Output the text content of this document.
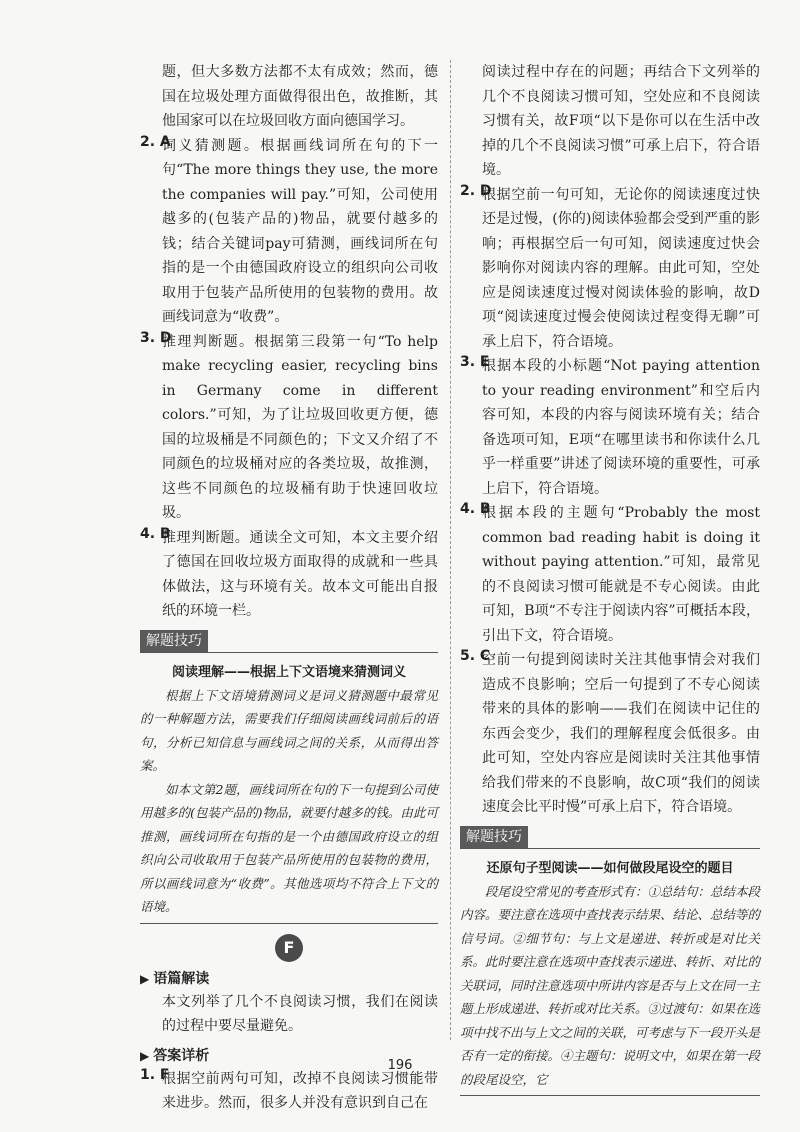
题，但大多数方法都不太有成效；然而，德国在垃圾处理方面做得很出色，故推断，其他国家可以在垃圾回收方面向德国学习。

2. A

词义猜测题。根据画线词所在句的下一句“The more things they use, the more the companies will pay.”可知，公司使用越多的(包装产品的)物品，就要付越多的钱；结合关键词pay可猜测，画线词所在句指的是一个由德国政府设立的组织向公司收取用于包装产品所使用的包装物的费用。故画线词意为“收费”。

3. D

推理判断题。根据第三段第一句“To help make recycling easier, recycling bins in Germany come in different colors.”可知，为了让垃圾回收更方便，德国的垃圾桶是不同颜色的；下文又介绍了不同颜色的垃圾桶对应的各类垃圾，故推测，这些不同颜色的垃圾桶有助于快速回收垃圾。

4. B

推理判断题。通读全文可知，本文主要介绍了德国在回收垃圾方面取得的成就和一些具体做法，这与环境有关。故本文可能出自报纸的环境一栏。

解题技巧
阅读理解——根据上下文语境来猜测词义

根据上下文语境猜测词义是词义猜测题中最常见的一种解题方法，需要我们仔细阅读画线词前后的语句，分析已知信息与画线词之间的关系，从而得出答案。

如本文第2题，画线词所在句的下一句提到公司使用越多的(包装产品的)物品，就要付越多的钱。由此可推测，画线词所在句指的是一个由德国政府设立的组织向公司收取用于包装产品所使用的包装物的费用，所以画线词意为“收费”。其他选项均不符合上下文的语境。

F
▶ 语篇解读

本文列举了几个不良阅读习惯，我们在阅读的过程中要尽量避免。

▶ 答案详析
1. F

根据空前两句可知，改掉不良阅读习惯能带来进步。然而，很多人并没有意识到自己在

阅读过程中存在的问题；再结合下文列举的几个不良阅读习惯可知，空处应和不良阅读习惯有关，故F项“以下是你可以在生活中改掉的几个不良阅读习惯”可承上启下，符合语境。

2. D

根据空前一句可知，无论你的阅读速度过快还是过慢，(你的)阅读体验都会受到严重的影响；再根据空后一句可知，阅读速度过快会影响你对阅读内容的理解。由此可知，空处应是阅读速度过慢对阅读体验的影响，故D项“阅读速度过慢会使阅读过程变得无聊”可承上启下，符合语境。

3. E

根据本段的小标题“Not paying attention to your reading environment”和空后内容可知，本段的内容与阅读环境有关；结合备选项可知，E项“在哪里读书和你读什么几乎一样重要”讲述了阅读环境的重要性，可承上启下，符合语境。

4. B

根据本段的主题句“Probably the most common bad reading habit is doing it without paying attention.”可知，最常见的不良阅读习惯可能就是不专心阅读。由此可知，B项“不专注于阅读内容”可概括本段，引出下文，符合语境。

5. C

空前一句提到阅读时关注其他事情会对我们造成不良影响；空后一句提到了不专心阅读带来的具体的影响——我们在阅读中记住的东西会变少，我们的理解程度会低很多。由此可知，空处内容应是阅读时关注其他事情给我们带来的不良影响，故C项“我们的阅读速度会比平时慢”可承上启下，符合语境。

解题技巧
还原句子型阅读——如何做段尾设空的题目

段尾设空常见的考查形式有：①总结句：总结本段内容。要注意在选项中查找表示结果、结论、总结等的信号词。②细节句：与上文是递进、转折或是对比关系。此时要注意在选项中查找表示递进、转折、对比的关联词，同时注意选项中所讲内容是否与上文在同一主题上形成递进、转折或对比关系。③过渡句：如果在选项中找不出与上文之间的关联，可考虑与下一段开头是否有一定的衔接。④主题句：说明文中，如果在第一段的段尾设空，它

196
